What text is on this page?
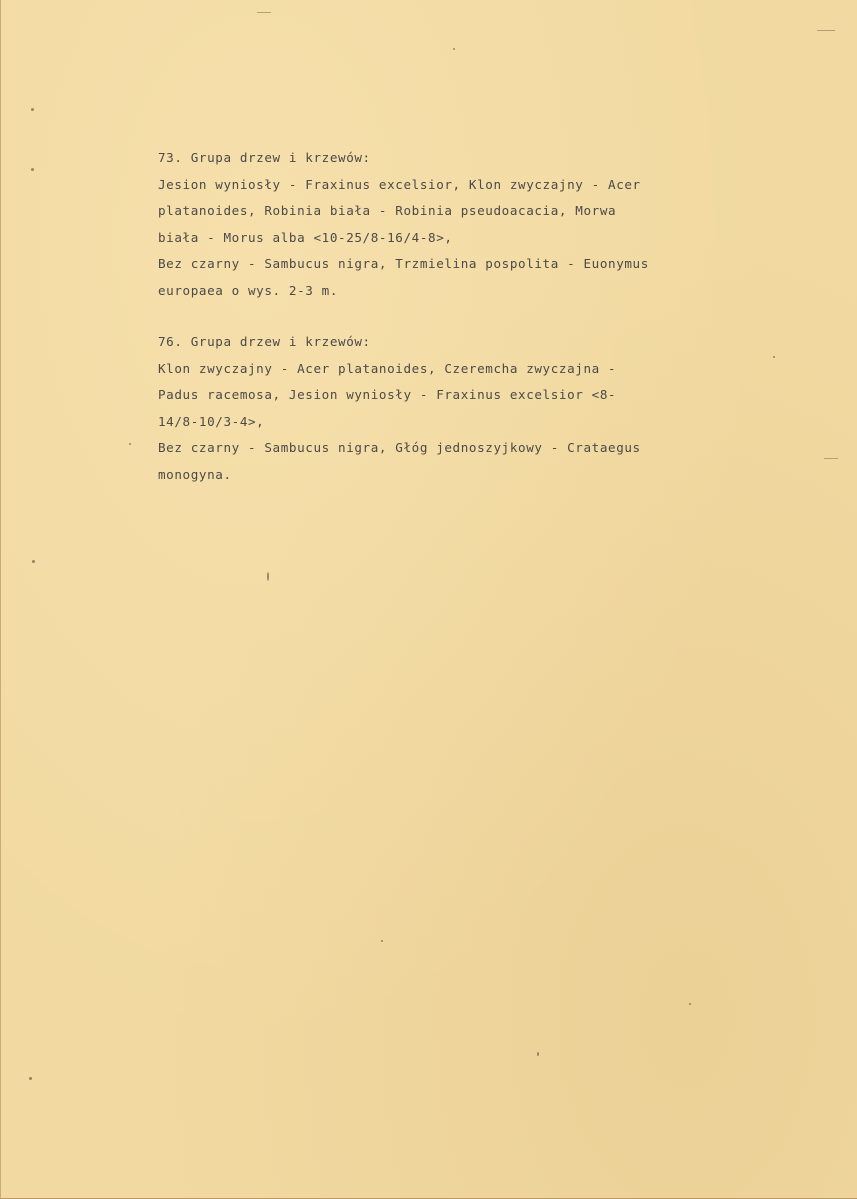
73. Grupa drzew i krzewów:
Jesion wyniosły - Fraxinus excelsior, Klon zwyczajny - Acer
platanoides, Robinia biała - Robinia pseudoacacia, Morwa
biała - Morus alba <10-25/8-16/4-8>,
Bez czarny - Sambucus nigra, Trzmielina pospolita - Euonymus
europaea o wys. 2-3 m.
76. Grupa drzew i krzewów:
Klon zwyczajny - Acer platanoides, Czeremcha zwyczajna -
Padus racemosa, Jesion wyniosły - Fraxinus excelsior <8-
14/8-10/3-4>,
Bez czarny - Sambucus nigra, Głóg jednoszyjkowy - Crataegus
monogyna.
